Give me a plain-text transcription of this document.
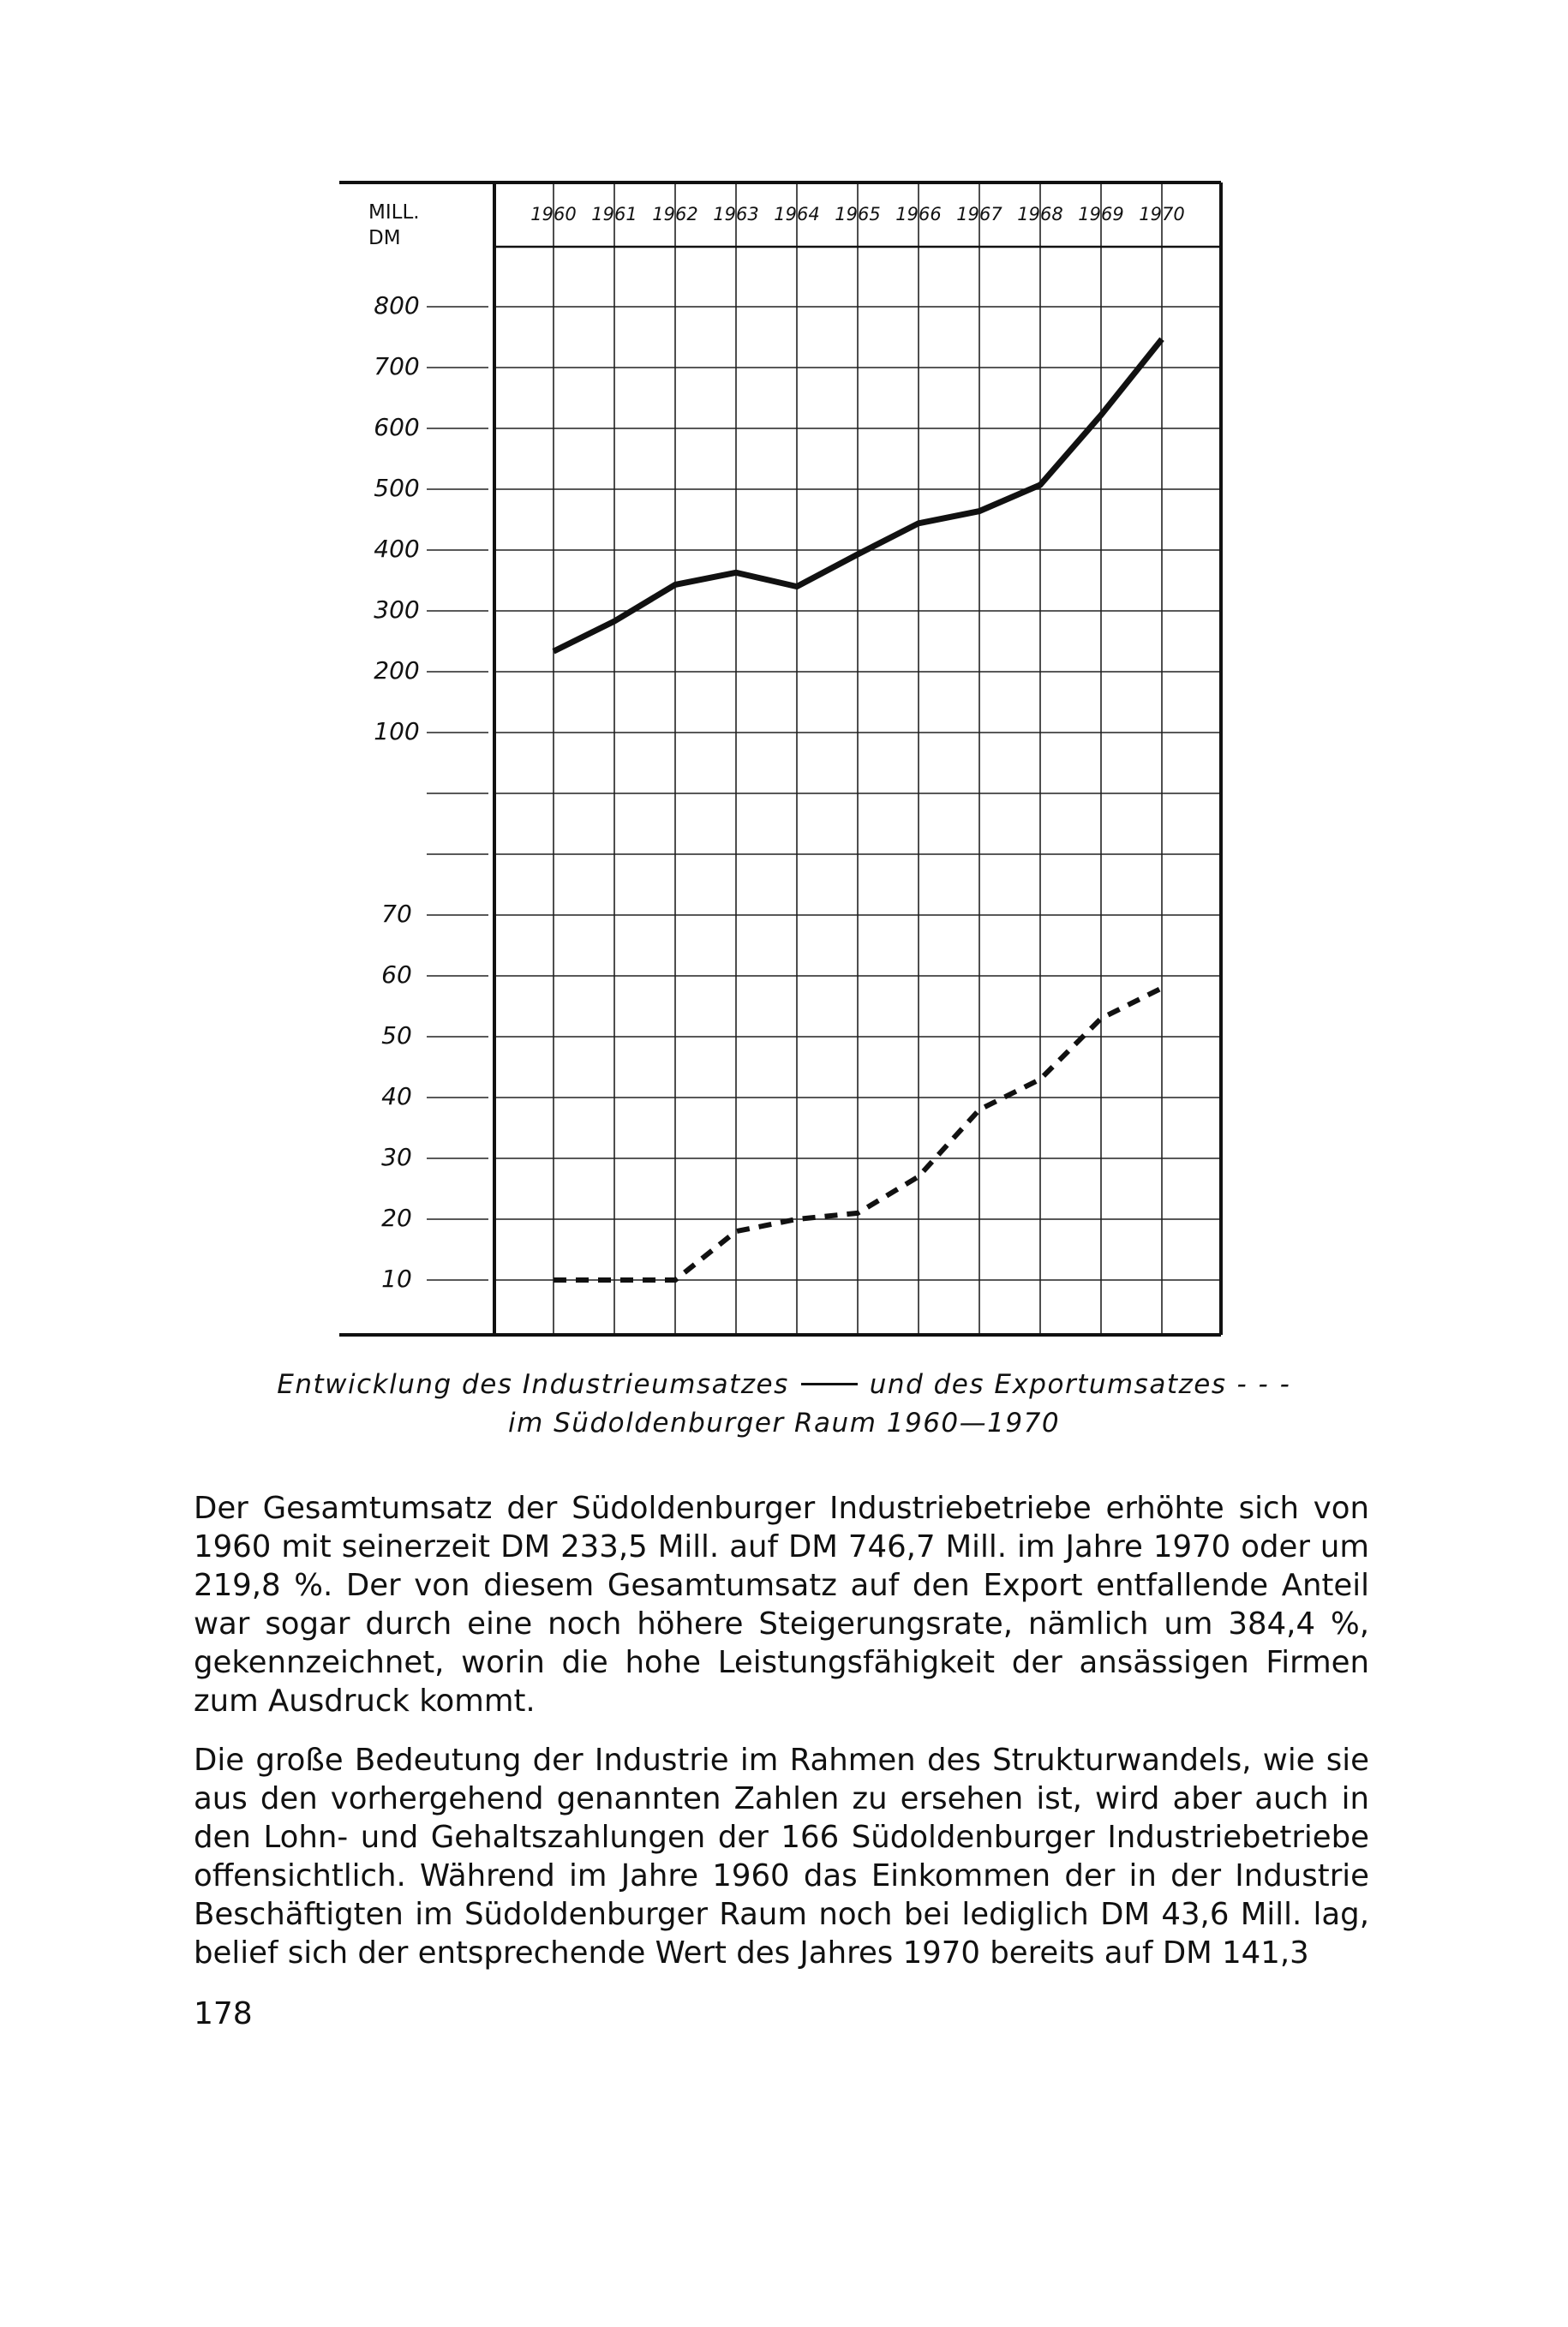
MILL.
DM
800
700
600
500
400
300
200
100
70
60
50
40
30
20
10
1960 1961 1962 1963 1964 1965 1966 1967 1968 1969 1970
Entwicklung des Industrieumsatzes	und des Exportumsatzes - - -
im Südoldenburger Raum 1960—1970

Der Gesamtumsatz der Südoldenburger Industriebetriebe erhöhte sich von 1960 mit seinerzeit DM 233,5 Mill. auf DM 746,7 Mill. im Jahre 1970 oder um 219,8 %. Der von diesem Gesamtumsatz auf den Export entfallende Anteil war sogar durch eine noch höhere Steigerungsrate, nämlich um 384,4 %, gekennzeichnet, worin die hohe Leistungsfähigkeit der ansässigen Firmen zum Ausdruck kommt.

Die große Bedeutung der Industrie im Rahmen des Strukturwandels, wie sie aus den vorhergehend genannten Zahlen zu ersehen ist, wird aber auch in den Lohn- und Gehaltszahlungen der 166 Südoldenburger Industriebetriebe offensichtlich. Während im Jahre 1960 das Einkommen der in der Industrie Beschäftigten im Südoldenburger Raum noch bei lediglich DM 43,6 Mill. lag, belief sich der entsprechende Wert des Jahres 1970 bereits auf DM 141,3

178
